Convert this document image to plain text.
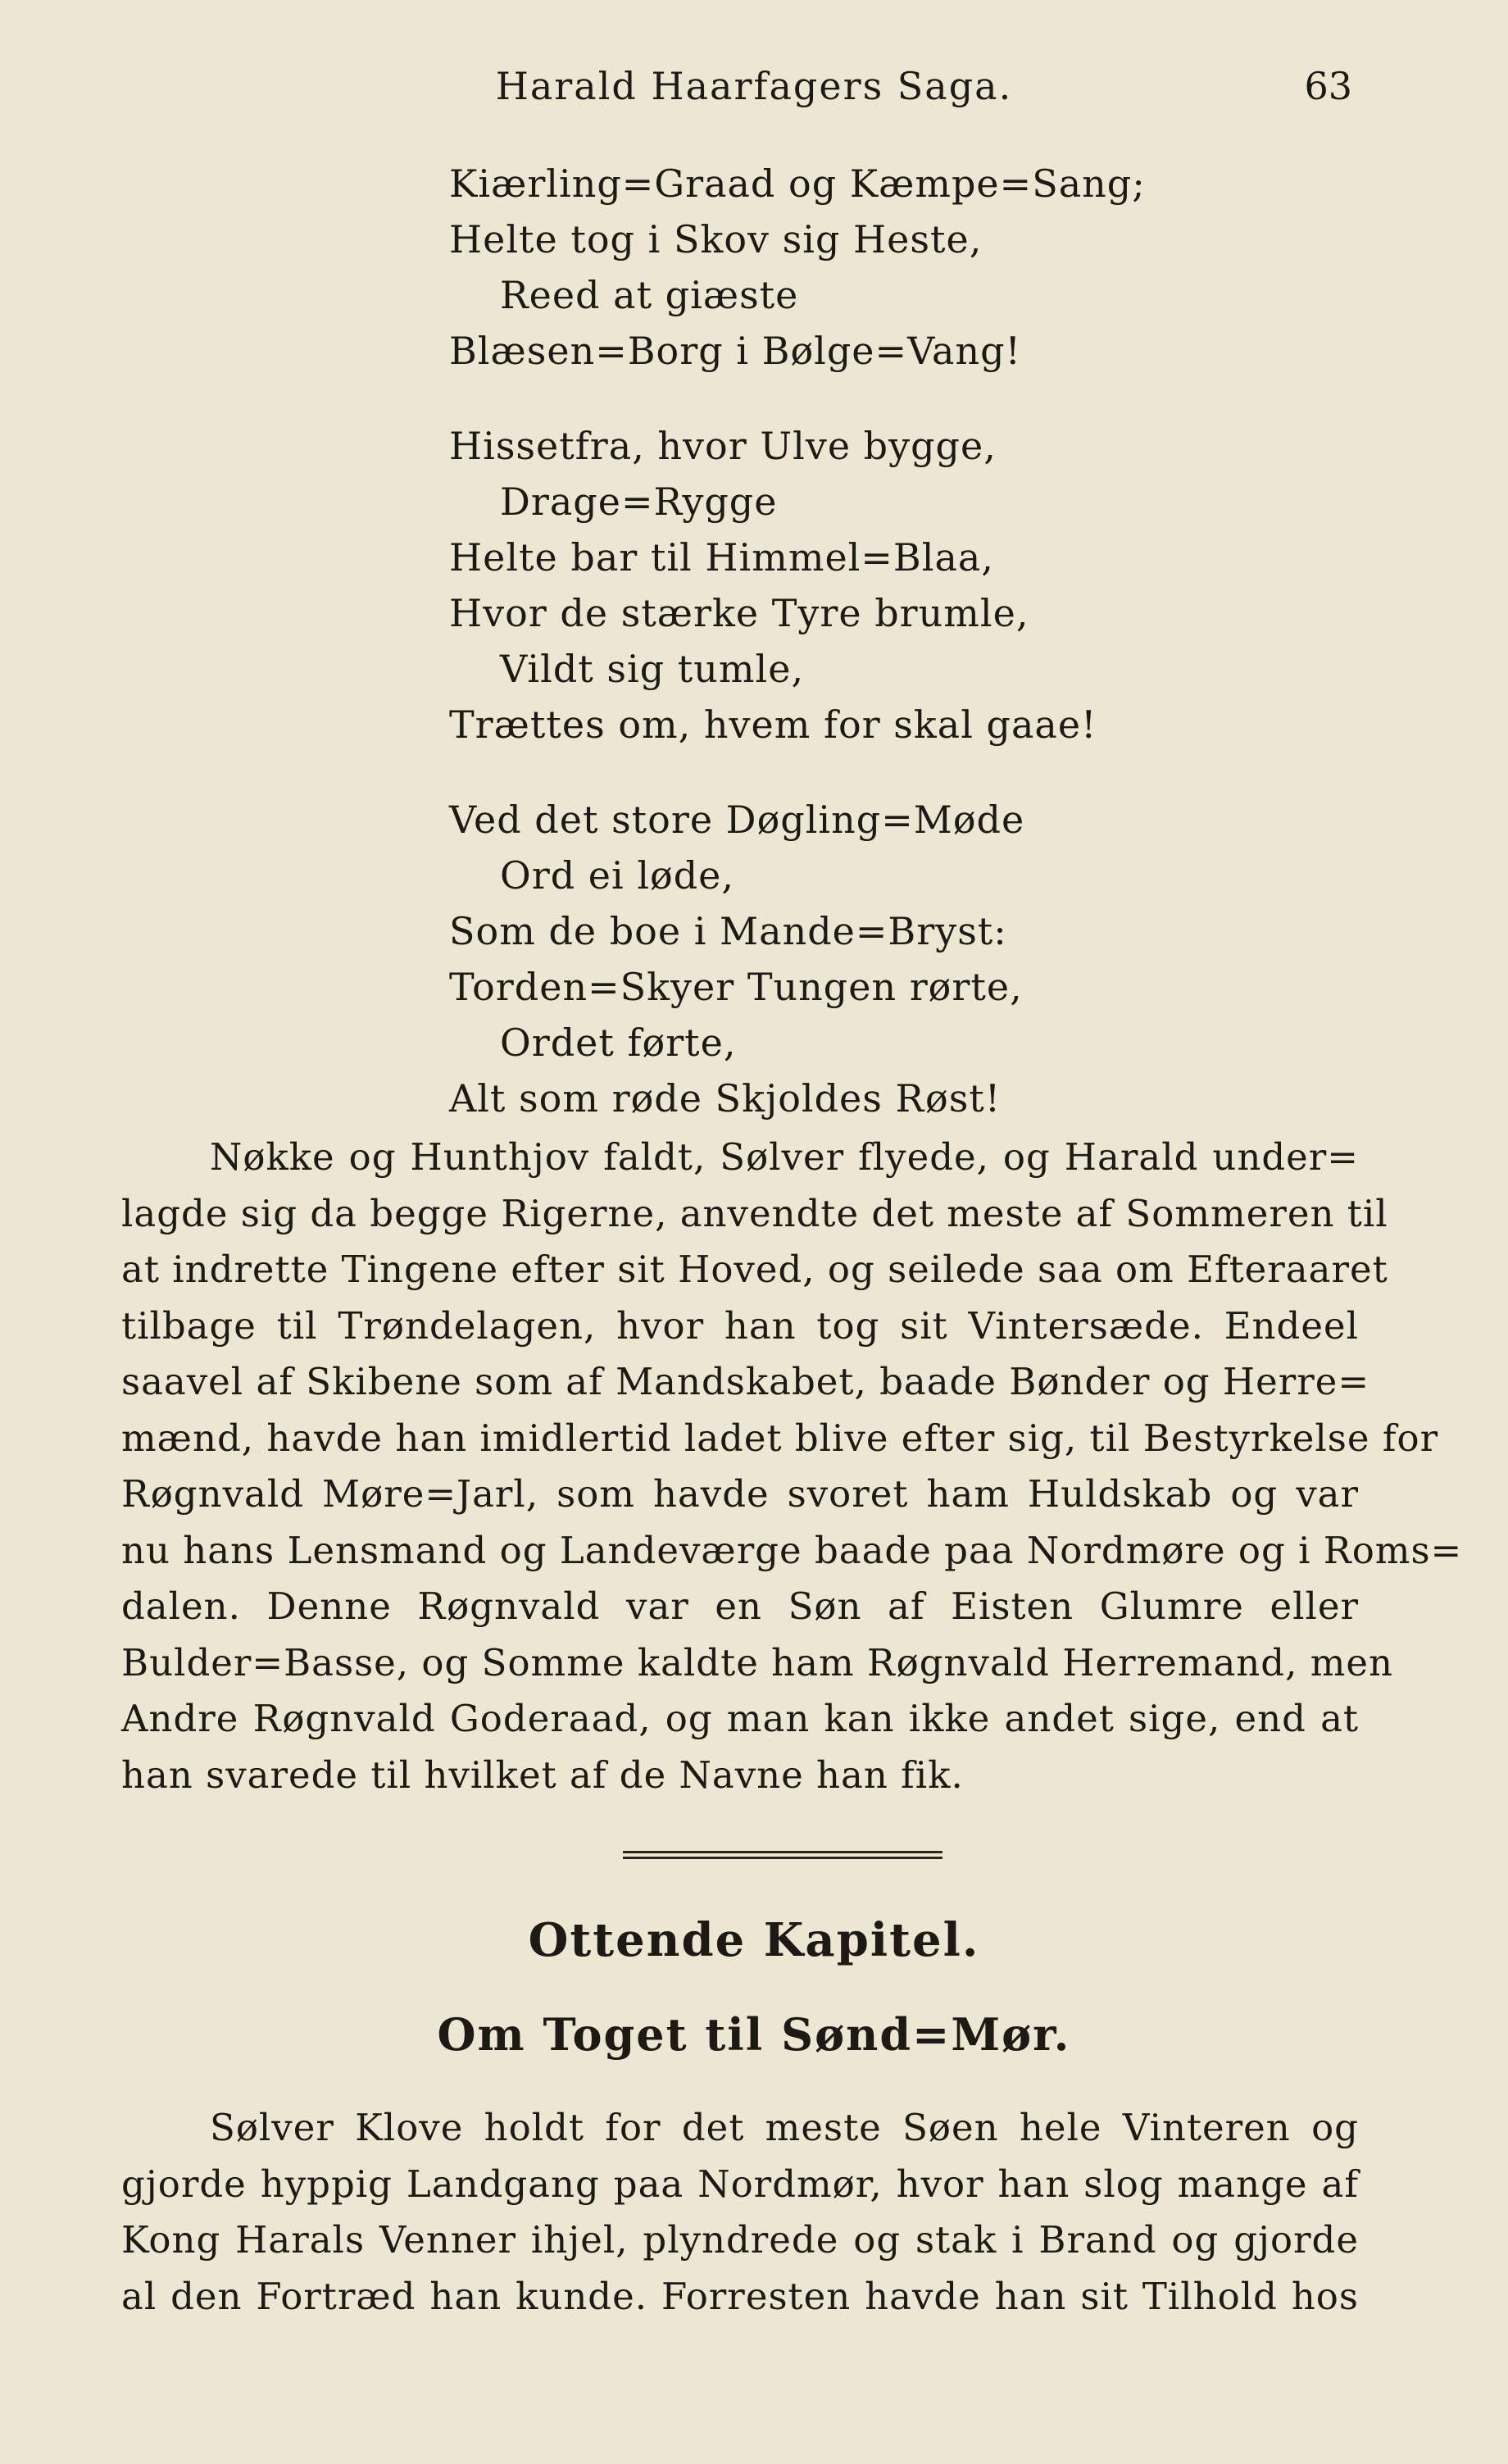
Harald Haarfagers Saga.	63
Kiærling=Graad og Kæmpe=Sang;
Helte tog i Skov sig Heste,
Reed at giæste
Blæsen=Borg i Bølge=Vang!
Hissetfra, hvor Ulve bygge,
Drage=Rygge
Helte bar til Himmel=Blaa,
Hvor de stærke Tyre brumle,
Vildt sig tumle,
Trættes om, hvem for skal gaae!
Ved det store Døgling=Møde
Ord ei løde,
Som de boe i Mande=Bryst:
Torden=Skyer Tungen rørte,
Ordet førte,
Alt som røde Skjoldes Røst!
Nøkke og Hunthjov faldt, Sølver flyede, og Harald under=
lagde sig da begge Rigerne, anvendte det meste af Sommeren til
at indrette Tingene efter sit Hoved, og seilede saa om Efteraaret
tilbage til Trøndelagen, hvor han tog sit Vintersæde. Endeel
saavel af Skibene som af Mandskabet, baade Bønder og Herre=
mænd, havde han imidlertid ladet blive efter sig, til Bestyrkelse for
Røgnvald Møre=Jarl, som havde svoret ham Huldskab og var
nu hans Lensmand og Landeværge baade paa Nordmøre og i Roms=
dalen. Denne Røgnvald var en Søn af Eisten Glumre eller
Bulder=Basse, og Somme kaldte ham Røgnvald Herremand, men
Andre Røgnvald Goderaad, og man kan ikke andet sige, end at
han svarede til hvilket af de Navne han fik.
Ottende Kapitel.
Om Toget til Sønd=Mør.
Sølver Klove holdt for det meste Søen hele Vinteren og
gjorde hyppig Landgang paa Nordmør, hvor han slog mange af
Kong Harals Venner ihjel, plyndrede og stak i Brand og gjorde
al den Fortræd han kunde. Forresten havde han sit Tilhold hos
